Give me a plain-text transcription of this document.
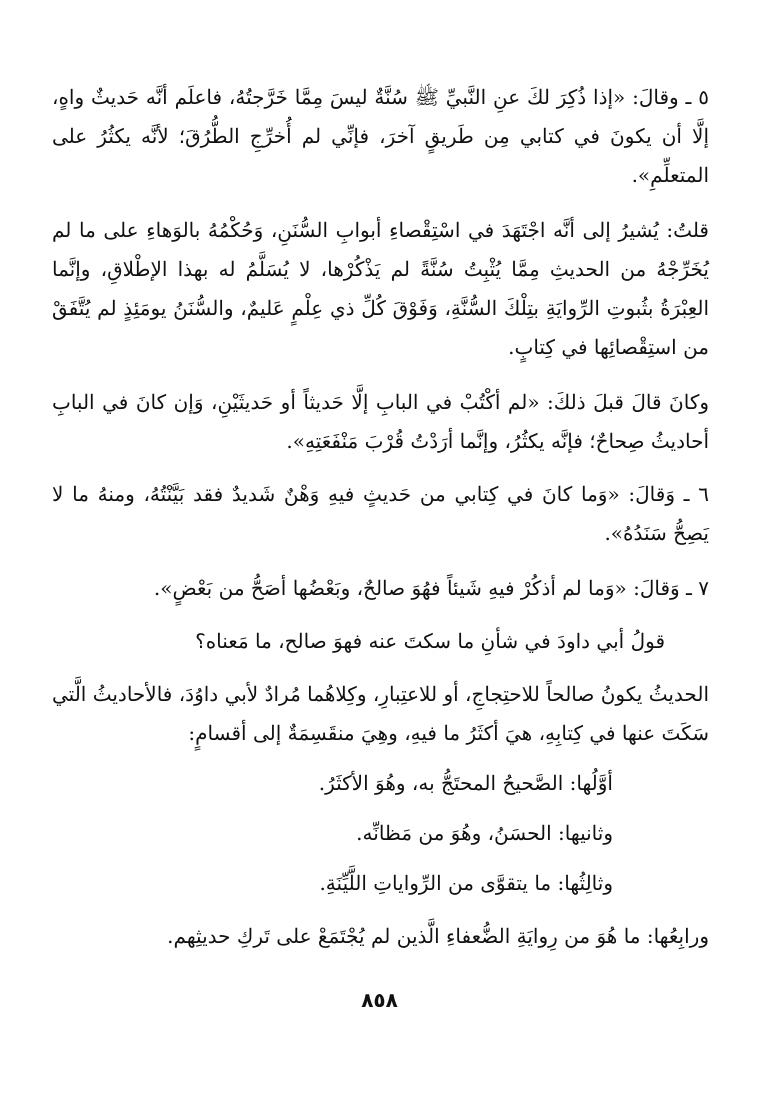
٥ ـ وقالَ: «إذا ذُكِرَ لكَ عنِ النَّبيِّ ﷺ سُنَّةٌ ليسَ مِمَّا خَرَّجتُهُ، فاعلَم أنَّه حَديثٌ واهٍ، إلَّا أن يكونَ في كتابي مِن طَريقٍ آخرَ، فإنِّي لم أُخرِّجِ الطُّرُقَ؛ لأنَّه يكثُرُ على المتعلِّمِ».

قلتُ: يُشيرُ إلى أنَّه اجْتَهَدَ في اسْتِقْصاءِ أبوابِ السُّنَنِ، وَحُكْمُهُ بالوَهاءِ على ما لم يُخَرِّجْهُ من الحديثِ مِمَّا يُثْبِتُ سُنَّةً لم يَذْكُرْها، لا يُسَلَّمُ له بهذا الإطْلاقِ، وإنَّما العِبْرَةُ بثُبوتِ الرِّوايَةِ بتِلْكَ السُّنَّةِ، وَفَوْقَ كُلِّ ذي عِلْمٍ عَليمٌ، والسُّنَنُ يومَئِذٍ لم يُتَّفَقْ من استِقْصائِها في كِتابٍ.

وكانَ قالَ قبلَ ذلكَ: «لم أكْتُبْ في البابِ إلَّا حَديثاً أو حَديثَيْنِ، وَإن كانَ في البابِ أحاديثُ صِحاحٌ؛ فإنَّه يكثُرُ، وإنَّما أرَدْتُ قُرْبَ مَنْفَعَتِهِ».

٦ ـ وَقالَ: «وَما كانَ في كِتابي من حَديثٍ فيهِ وَهْنٌ شَديدٌ فقد بَيَّنْتُهُ، ومنهُ ما لا يَصِحُّ سَنَدُهُ».

٧ ـ وَقالَ: «وَما لم أذكُرْ فيهِ شَيئاً فهُوَ صالحٌ، وبَعْضُها أصَحُّ من بَعْضٍ».

قولُ أبي داودَ في شأنِ ما سكتَ عنه فهوَ صالح، ما مَعناه؟

الحديثُ يكونُ صالحاً للاحتِجاجِ، أو للاعتِبارِ، وكِلاهُما مُرادٌ لأبي داوُدَ، فالأحاديثُ الَّتي سَكَتَ عنها في كِتابِهِ، هيَ أكثَرُ ما فيهِ، وهِيَ منقَسِمَةٌ إلى أقسامٍ:

أوَّلُها: الصَّحيحُ المحتَجُّ به، وهُوَ الأكثَرُ.

وثانيها: الحسَنُ، وهُوَ من مَظانِّه.

وثالِثُها: ما يتقوَّى من الرِّواياتِ اللَّيِّنَةِ.

ورابِعُها: ما هُوَ من رِوايَةِ الضُّعفاءِ الَّذين لم يُجْتَمَعْ على تَركِ حديثِهم.

٨٥٨
